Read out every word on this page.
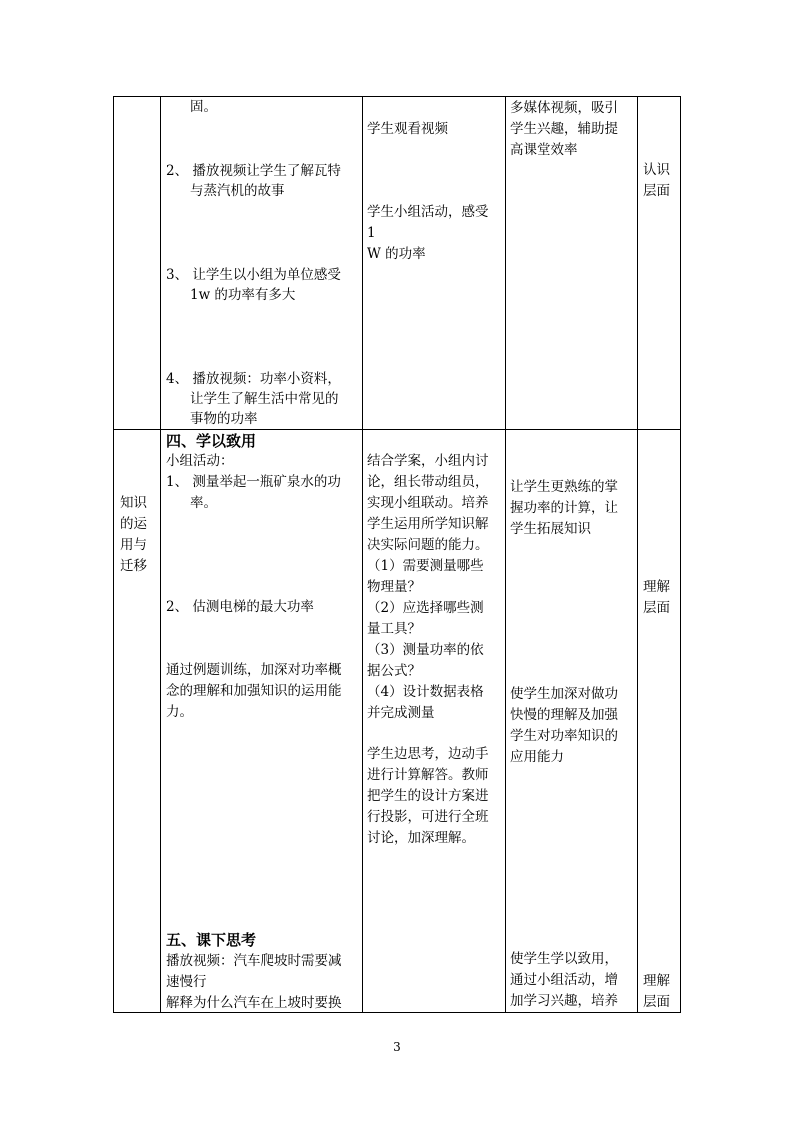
固。
2、 播放视频让学生了解瓦特
与蒸汽机的故事
3、 让学生以小组为单位感受
1w 的功率有多大
4、 播放视频：功率小资料，
让学生了解生活中常见的
事物的功率
学生观看视频
学生小组活动，感受
1
W 的功率
多媒体视频，吸引
学生兴趣，辅助提
高课堂效率
认识
层面
知识
的运
用与
迁移
四、学以致用
小组活动：
1、 测量举起一瓶矿泉水的功
率。
2、 估测电梯的最大功率
通过例题训练，加深对功率概
念的理解和加强知识的运用能
力。
五、课下思考
播放视频：汽车爬坡时需要减
速慢行
解释为什么汽车在上坡时要换
结合学案，小组内讨
论，组长带动组员，
实现小组联动。培养
学生运用所学知识解
决实际问题的能力。
（1）需要测量哪些
物理量？
（2）应选择哪些测
量工具？
（3）测量功率的依
据公式？
（4）设计数据表格
并完成测量
学生边思考，边动手
进行计算解答。教师
把学生的设计方案进
行投影，可进行全班
讨论，加深理解。
让学生更熟练的掌
握功率的计算，让
学生拓展知识
使学生加深对做功
快慢的理解及加强
学生对功率知识的
应用能力
使学生学以致用，
通过小组活动，增
加学习兴趣，培养
理解
层面
理解
层面
3
